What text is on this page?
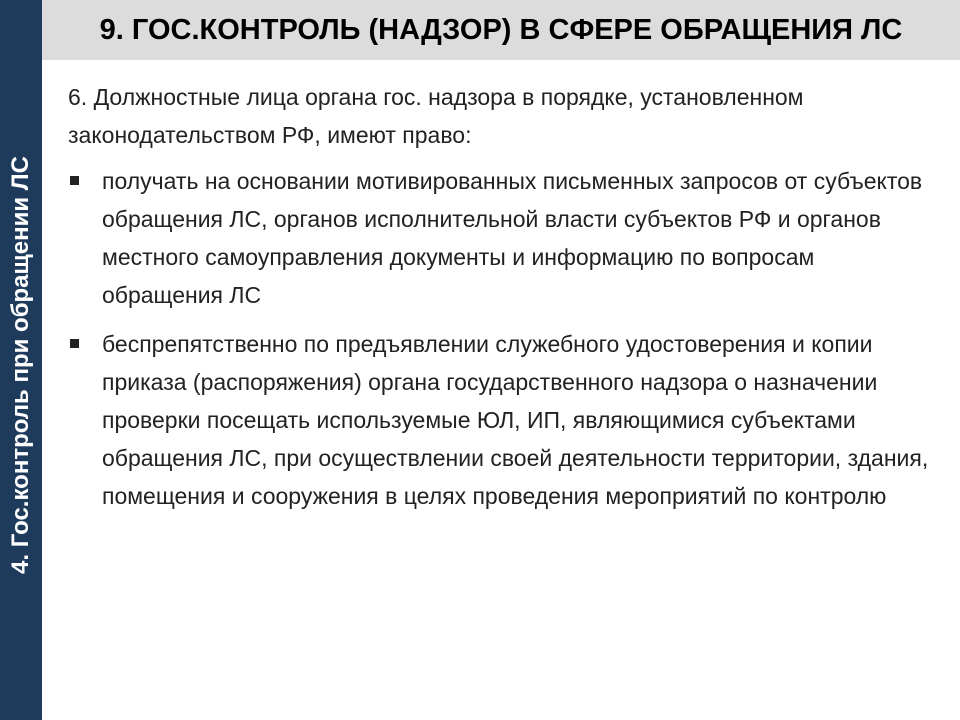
4. Гос.контроль при обращении ЛС
9. ГОС.КОНТРОЛЬ (НАДЗОР) В СФЕРЕ ОБРАЩЕНИЯ ЛС

6. Должностные лица органа гос. надзора в порядке, установленном законодательством РФ, имеют право:

получать на основании мотивированных письменных запросов от субъектов обращения ЛС, органов исполнительной власти субъектов РФ и органов местного самоуправления документы и информацию по вопросам обращения ЛС
беспрепятственно по предъявлении служебного удостоверения и копии приказа (распоряжения) органа государственного надзора о назначении проверки посещать используемые ЮЛ, ИП, являющимися субъектами обращения ЛС, при осуществлении своей деятельности территории, здания, помещения и сооружения в целях проведения мероприятий по контролю
